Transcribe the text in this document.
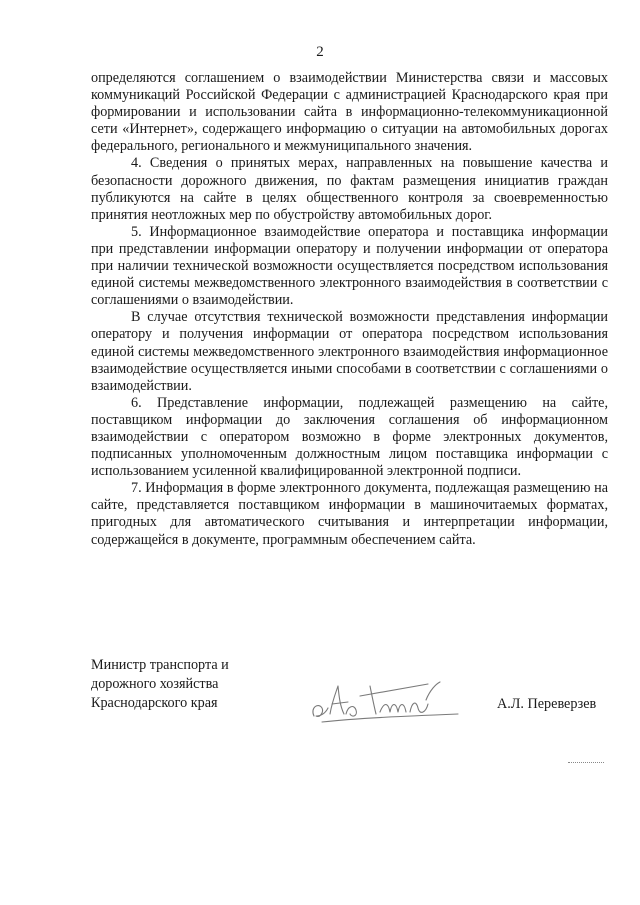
2

определяются соглашением о взаимодействии Министерства связи и массовых коммуникаций Российской Федерации с администрацией Краснодарского края при формировании и использовании сайта в информационно-телекоммуникационной сети «Интернет», содержащего информацию о ситуации на автомобильных дорогах федерального, регионального и межмуниципального значения.

4. Сведения о принятых мерах, направленных на повышение качества и безопасности дорожного движения, по фактам размещения инициатив граждан публикуются на сайте в целях общественного контроля за своевременностью принятия неотложных мер по обустройству автомобильных дорог.

5. Информационное взаимодействие оператора и поставщика информации при представлении информации оператору и получении информации от оператора при наличии технической возможности осуществляется посредством использования единой системы межведомственного электронного взаимодействия в соответствии с соглашениями о взаимодействии.

В случае отсутствия технической возможности представления информации оператору и получения информации от оператора посредством использования единой системы межведомственного электронного взаимодействия информационное взаимодействие осуществляется иными способами в соответствии с соглашениями о взаимодействии.

6. Представление информации, подлежащей размещению на сайте, поставщиком информации до заключения соглашения об информационном взаимодействии с оператором возможно в форме электронных документов, подписанных уполномоченным должностным лицом поставщика информации с использованием усиленной квалифицированной электронной подписи.

7. Информация в форме электронного документа, подлежащая размещению на сайте, представляется поставщиком информации в машиночитаемых форматах, пригодных для автоматического считывания и интерпретации информации, содержащейся в документе, программным обеспечением сайта.

Министр транспорта и
дорожного хозяйства
Краснодарского края	А.Л. Переверзев
